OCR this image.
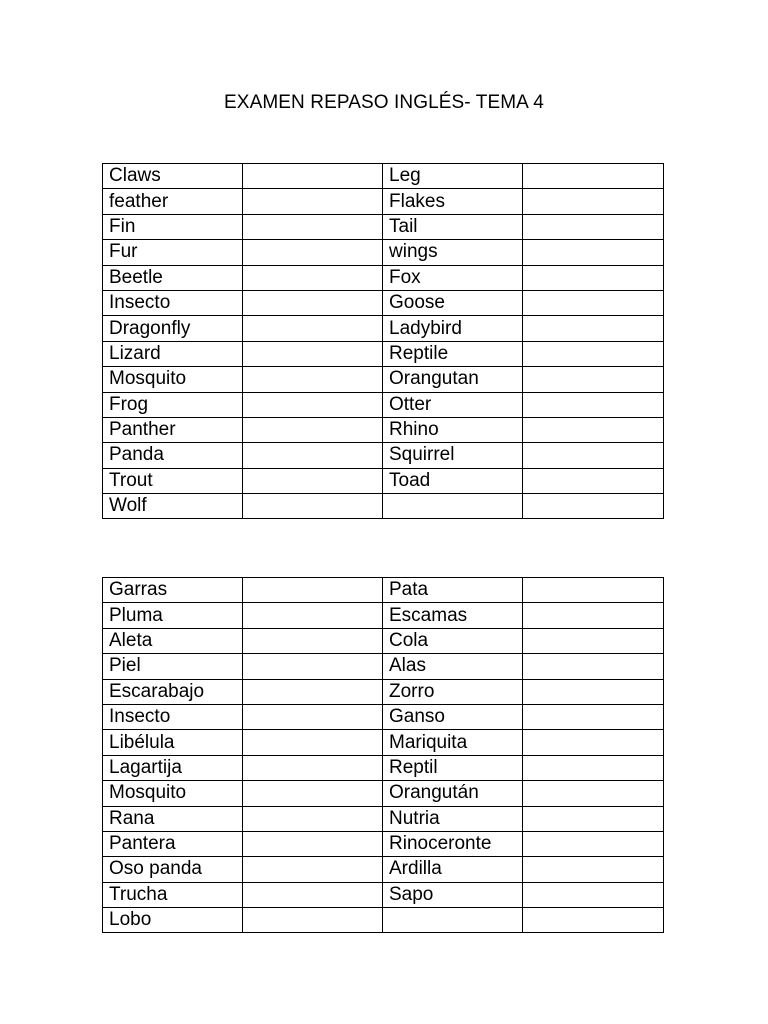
EXAMEN REPASO INGLÉS- TEMA 4
Claws		Leg	
feather		Flakes	
Fin		Tail	
Fur		wings	
Beetle		Fox	
Insecto		Goose	
Dragonfly		Ladybird	
Lizard		Reptile	
Mosquito		Orangutan	
Frog		Otter	
Panther		Rhino	
Panda		Squirrel	
Trout		Toad	
Wolf			
Garras		Pata	
Pluma		Escamas	
Aleta		Cola	
Piel		Alas	
Escarabajo		Zorro	
Insecto		Ganso	
Libélula		Mariquita	
Lagartija		Reptil	
Mosquito		Orangután	
Rana		Nutria	
Pantera		Rinoceronte	
Oso panda		Ardilla	
Trucha		Sapo	
Lobo			
